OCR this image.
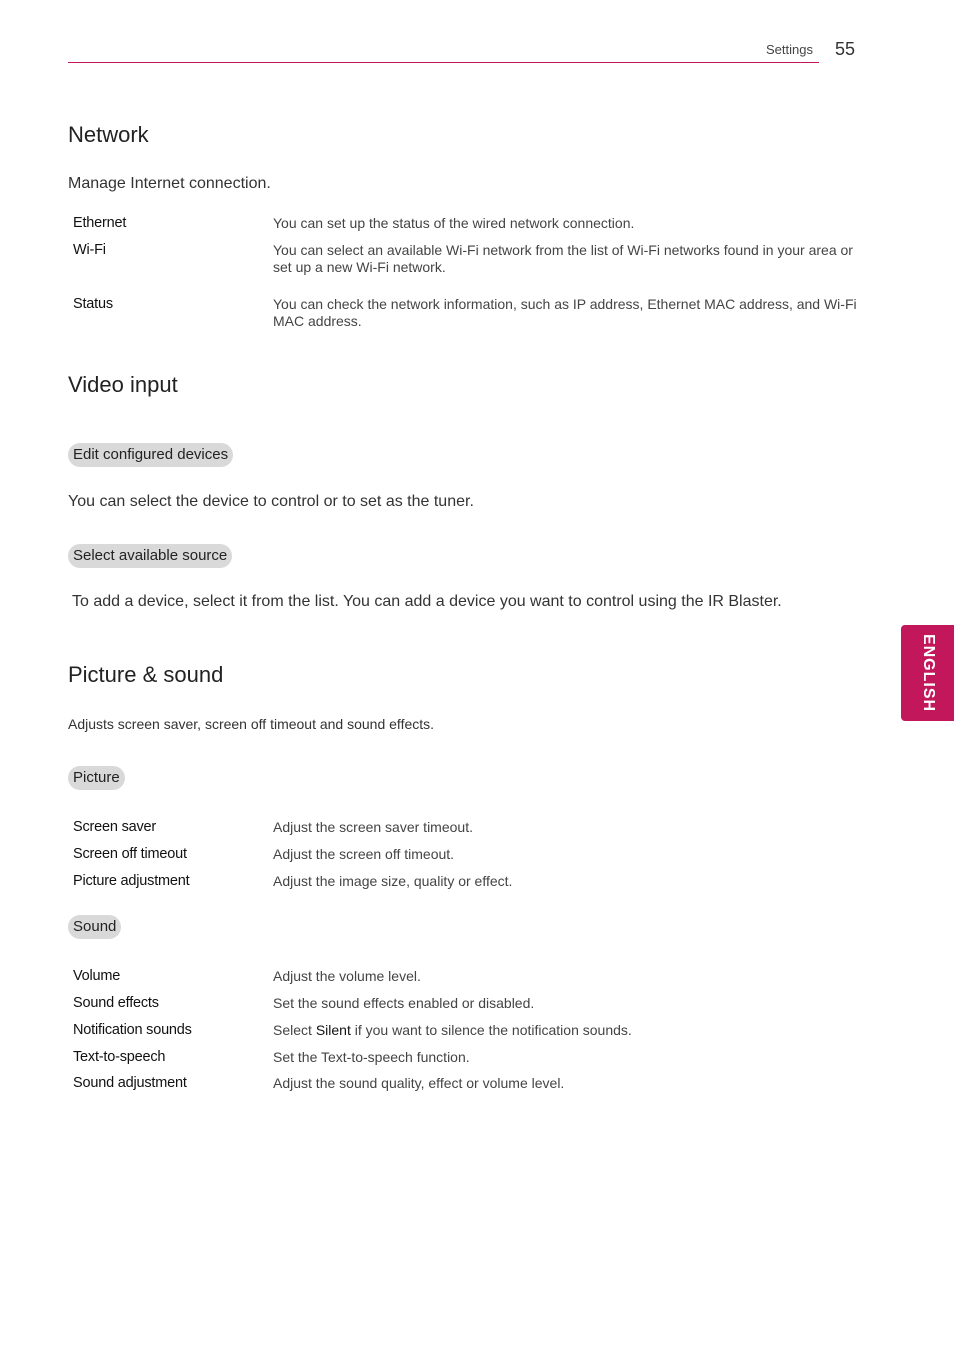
Settings 55
Network
Manage Internet connection.
Ethernet	You can set up the status of the wired network connection.
Wi-Fi	You can select an available Wi-Fi network from the list of Wi-Fi networks found in your area or set up a new Wi-Fi network.
Status	You can check the network information, such as IP address, Ethernet MAC address, and Wi-Fi MAC address.
Video input
Edit configured devices
You can select the device to control or to set as the tuner.
Select available source
To add a device, select it from the list. You can add a device you want to control using the IR Blaster.
Picture & sound
Adjusts screen saver, screen off timeout and sound effects.
Picture
Screen saver	Adjust the screen saver timeout.
Screen off timeout	Adjust the screen off timeout.
Picture adjustment	Adjust the image size, quality or effect.
Sound
Volume	Adjust the volume level.
Sound effects	Set the sound effects enabled or disabled.
Notification sounds	Select Silent if you want to silence the notification sounds.
Text-to-speech	Set the Text-to-speech function.
Sound adjustment	Adjust the sound quality, effect or volume level.
ENGLISH
